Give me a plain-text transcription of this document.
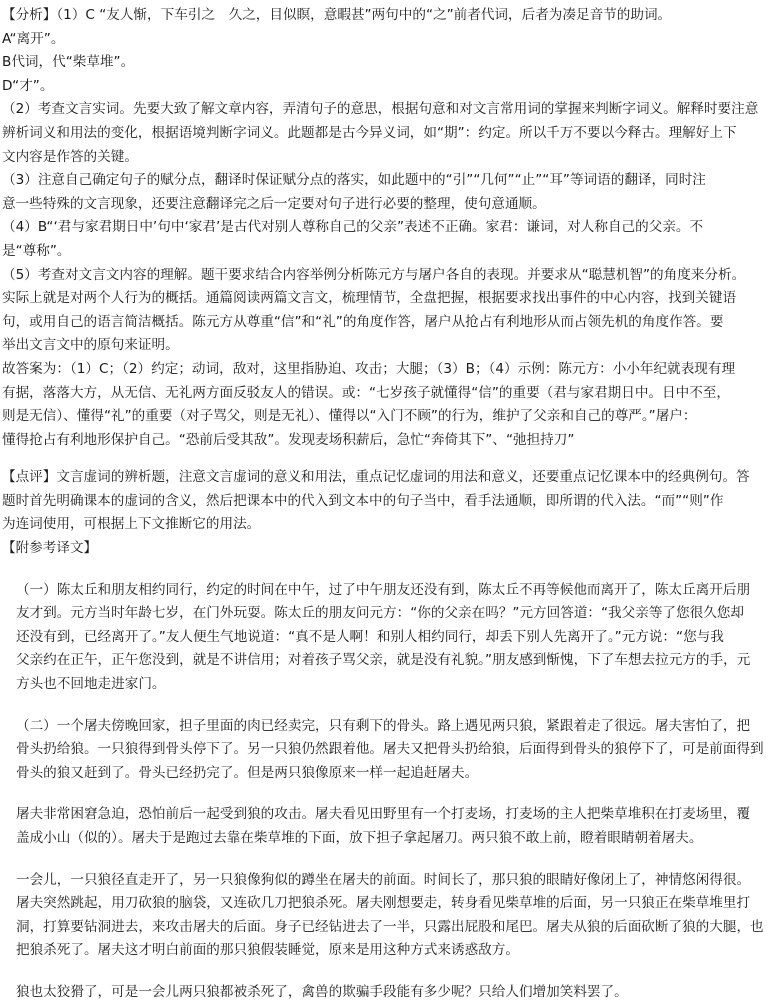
【分析】（1）C “友人惭，下车引之　久之，目似瞑，意暇甚”两句中的“之”前者代词，后者为凑足音节的助词。
A“离开”。
B代词，代“柴草堆”。
D“才”。
（2）考查文言实词。先要大致了解文章内容，弄清句子的意思，根据句意和对文言常用词的掌握来判断字词义。解释时要注意
辨析词义和用法的变化，根据语境判断字词义。此题都是古今异义词，如“期”：约定。所以千万不要以今释古。理解好上下
文内容是作答的关键。
（3）注意自己确定句子的赋分点，翻译时保证赋分点的落实，如此题中的“引”“几何”“止”“耳”等词语的翻译，同时注
意一些特殊的文言现象，还要注意翻译完之后一定要对句子进行必要的整理，使句意通顺。
（4）B“‘君与家君期日中’句中‘家君’是古代对别人尊称自己的父亲”表述不正确。家君：谦词，对人称自己的父亲。不
是“尊称”。
（5）考查对文言文内容的理解。题干要求结合内容举例分析陈元方与屠户各自的表现。并要求从“聪慧机智”的角度来分析。
实际上就是对两个人行为的概括。通篇阅读两篇文言文，梳理情节，全盘把握，根据要求找出事件的中心内容，找到关键语
句，或用自己的语言简洁概括。陈元方从尊重“信”和“礼”的角度作答，屠户从抢占有利地形从而占领先机的角度作答。要
举出文言文中的原句来证明。
故答案为：（1）C；（2）约定；动词，敌对，这里指胁迫、攻击；大腿；（3）B；（4）示例：陈元方：小小年纪就表现有理
有据，落落大方，从无信、无礼两方面反驳友人的错误。或：“七岁孩子就懂得“信”的重要（君与家君期日中。日中不至，
则是无信）、懂得“礼”的重要（对子骂父，则是无礼）、懂得以“入门不顾”的行为，维护了父亲和自己的尊严。”屠户：
懂得抢占有利地形保护自己。“恐前后受其敌”。发现麦场积薪后，急忙“奔倚其下”、“弛担持刀”
【点评】文言虚词的辨析题，注意文言虚词的意义和用法，重点记忆虚词的用法和意义，还要重点记忆课本中的经典例句。答
题时首先明确课本的虚词的含义，然后把课本中的代入到文本中的句子当中，看手法通顺，即所谓的代入法。“而”“则”作
为连词使用，可根据上下文推断它的用法。
【附参考译文】
（一）陈太丘和朋友相约同行，约定的时间在中午，过了中午朋友还没有到，陈太丘不再等候他而离开了，陈太丘离开后朋
友才到。元方当时年龄七岁，在门外玩耍。陈太丘的朋友问元方：“你的父亲在吗？”元方回答道：“我父亲等了您很久您却
还没有到，已经离开了。”友人便生气地说道：“真不是人啊！和别人相约同行，却丢下别人先离开了。”元方说：“您与我
父亲约在正午，正午您没到，就是不讲信用；对着孩子骂父亲，就是没有礼貌。”朋友感到惭愧，下了车想去拉元方的手，元
方头也不回地走进家门。
（二）一个屠夫傍晚回家，担子里面的肉已经卖完，只有剩下的骨头。路上遇见两只狼，紧跟着走了很远。屠夫害怕了，把
骨头扔给狼。一只狼得到骨头停下了。另一只狼仍然跟着他。屠夫又把骨头扔给狼，后面得到骨头的狼停下了，可是前面得到
骨头的狼又赶到了。骨头已经扔完了。但是两只狼像原来一样一起追赶屠夫。
屠夫非常困窘急迫，恐怕前后一起受到狼的攻击。屠夫看见田野里有一个打麦场，打麦场的主人把柴草堆积在打麦场里，覆
盖成小山（似的）。屠夫于是跑过去靠在柴草堆的下面，放下担子拿起屠刀。两只狼不敢上前，瞪着眼睛朝着屠夫。
一会儿，一只狼径直走开了，另一只狼像狗似的蹲坐在屠夫的前面。时间长了，那只狼的眼睛好像闭上了，神情悠闲得很。
屠夫突然跳起，用刀砍狼的脑袋，又连砍几刀把狼杀死。屠夫刚想要走，转身看见柴草堆的后面，另一只狼正在柴草堆里打
洞，打算要钻洞进去，来攻击屠夫的后面。身子已经钻进去了一半，只露出屁股和尾巴。屠夫从狼的后面砍断了狼的大腿，也
把狼杀死了。屠夫这才明白前面的那只狼假装睡觉，原来是用这种方式来诱惑敌方。
狼也太狡猾了，可是一会儿两只狼都被杀死了，禽兽的欺骗手段能有多少呢？只给人们增加笑料罢了。
